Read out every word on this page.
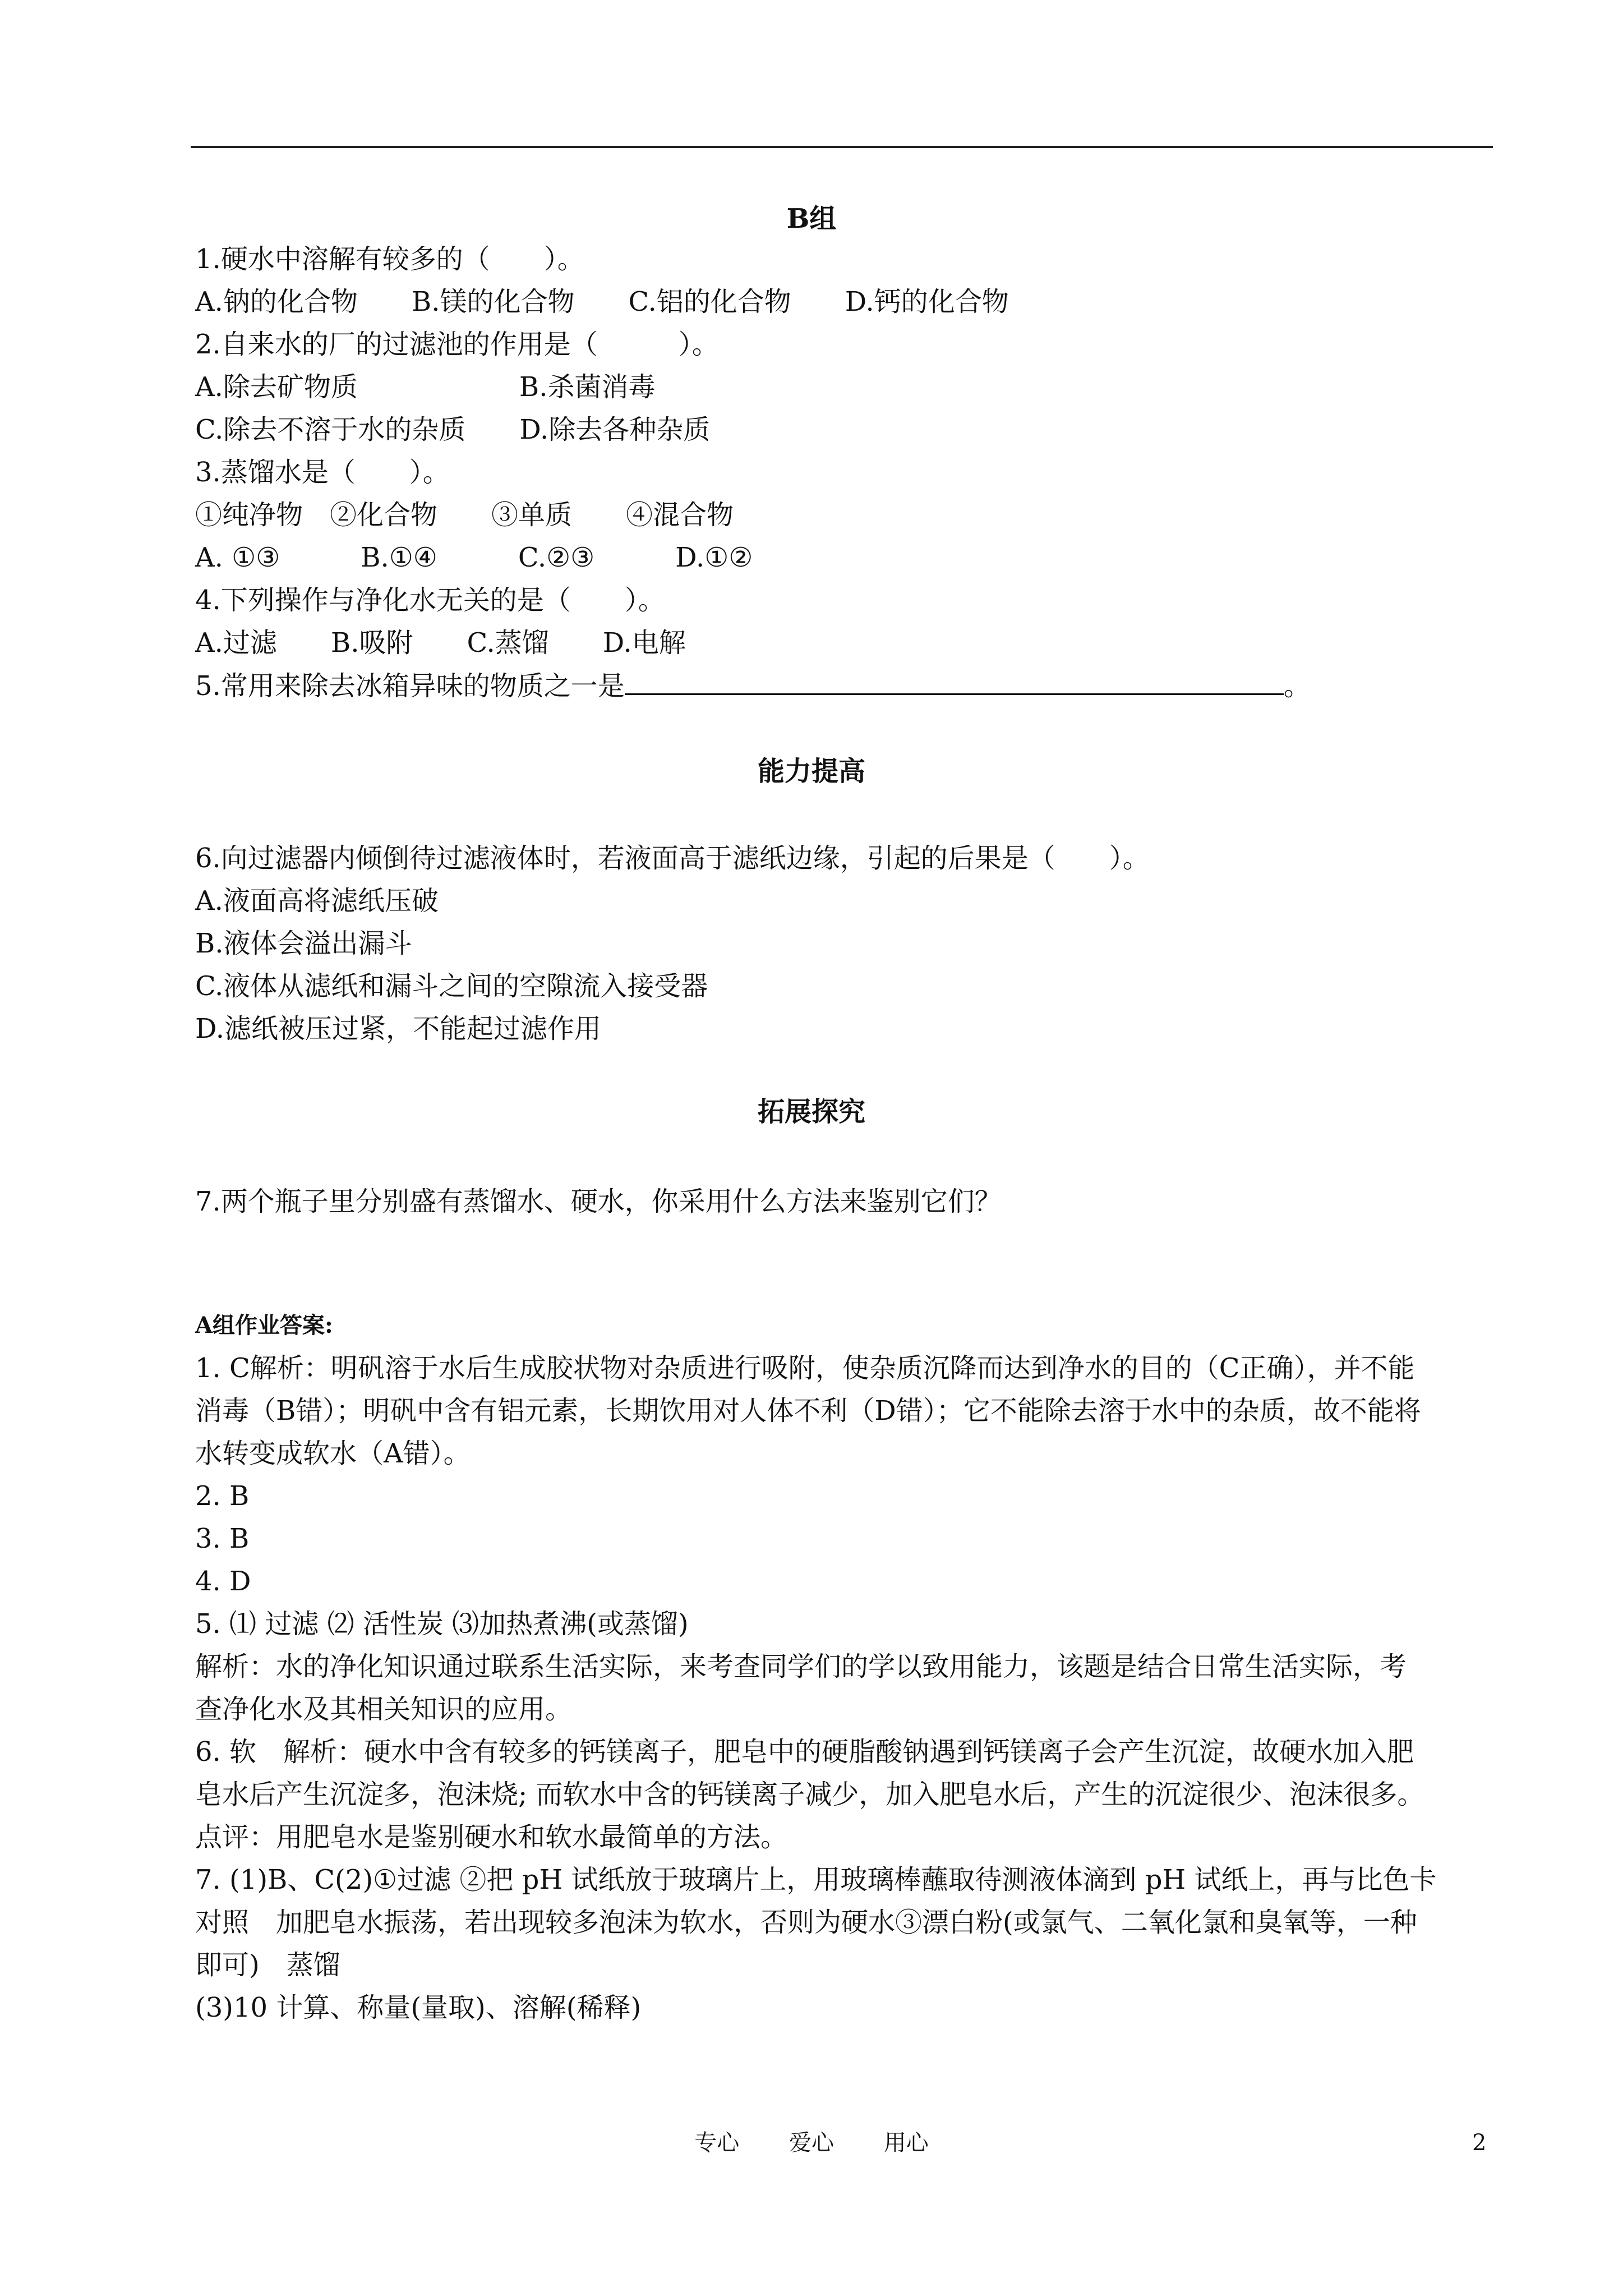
B组
1.硬水中溶解有较多的（　　）。
A.钠的化合物　　B.镁的化合物　　C.铝的化合物　　D.钙的化合物
2.自来水的厂的过滤池的作用是（　　　）。
A.除去矿物质　　　　　　B.杀菌消毒
C.除去不溶于水的杂质　　D.除去各种杂质
3.蒸馏水是（　　）。
①纯净物　②化合物　　③单质　　④混合物
A. ①③　　　B.①④　　　C.②③　　　D.①②
4.下列操作与净化水无关的是（　　）。
A.过滤　　B.吸附　　C.蒸馏　　D.电解
5.常用来除去冰箱异味的物质之一是	。
能力提高
6.向过滤器内倾倒待过滤液体时，若液面高于滤纸边缘，引起的后果是（　　）。
A.液面高将滤纸压破
B.液体会溢出漏斗
C.液体从滤纸和漏斗之间的空隙流入接受器
D.滤纸被压过紧，不能起过滤作用
拓展探究
7.两个瓶子里分别盛有蒸馏水、硬水，你采用什么方法来鉴别它们？
A组作业答案:
1. C解析：明矾溶于水后生成胶状物对杂质进行吸附，使杂质沉降而达到净水的目的（C正确），并不能
消毒（B错）；明矾中含有铝元素，长期饮用对人体不利（D错）；它不能除去溶于水中的杂质，故不能将
水转变成软水（A错）。
2. B
3. B
4. D
5. ⑴ 过滤 ⑵ 活性炭 ⑶加热煮沸(或蒸馏)
解析：水的净化知识通过联系生活实际，来考查同学们的学以致用能力，该题是结合日常生活实际，考
查净化水及其相关知识的应用。
6. 软　解析：硬水中含有较多的钙镁离子，肥皂中的硬脂酸钠遇到钙镁离子会产生沉淀，故硬水加入肥
皂水后产生沉淀多，泡沫烧; 而软水中含的钙镁离子减少，加入肥皂水后，产生的沉淀很少、泡沫很多。
点评：用肥皂水是鉴别硬水和软水最简单的方法。
7. (1)B、C(2)①过滤 ②把 pH 试纸放于玻璃片上，用玻璃棒蘸取待测液体滴到 pH 试纸上，再与比色卡
对照　加肥皂水振荡，若出现较多泡沫为软水，否则为硬水③漂白粉(或氯气、二氧化氯和臭氧等，一种
即可)　蒸馏
(3)10 计算、称量(量取)、溶解(稀释)
专心 爱心 用心	2
